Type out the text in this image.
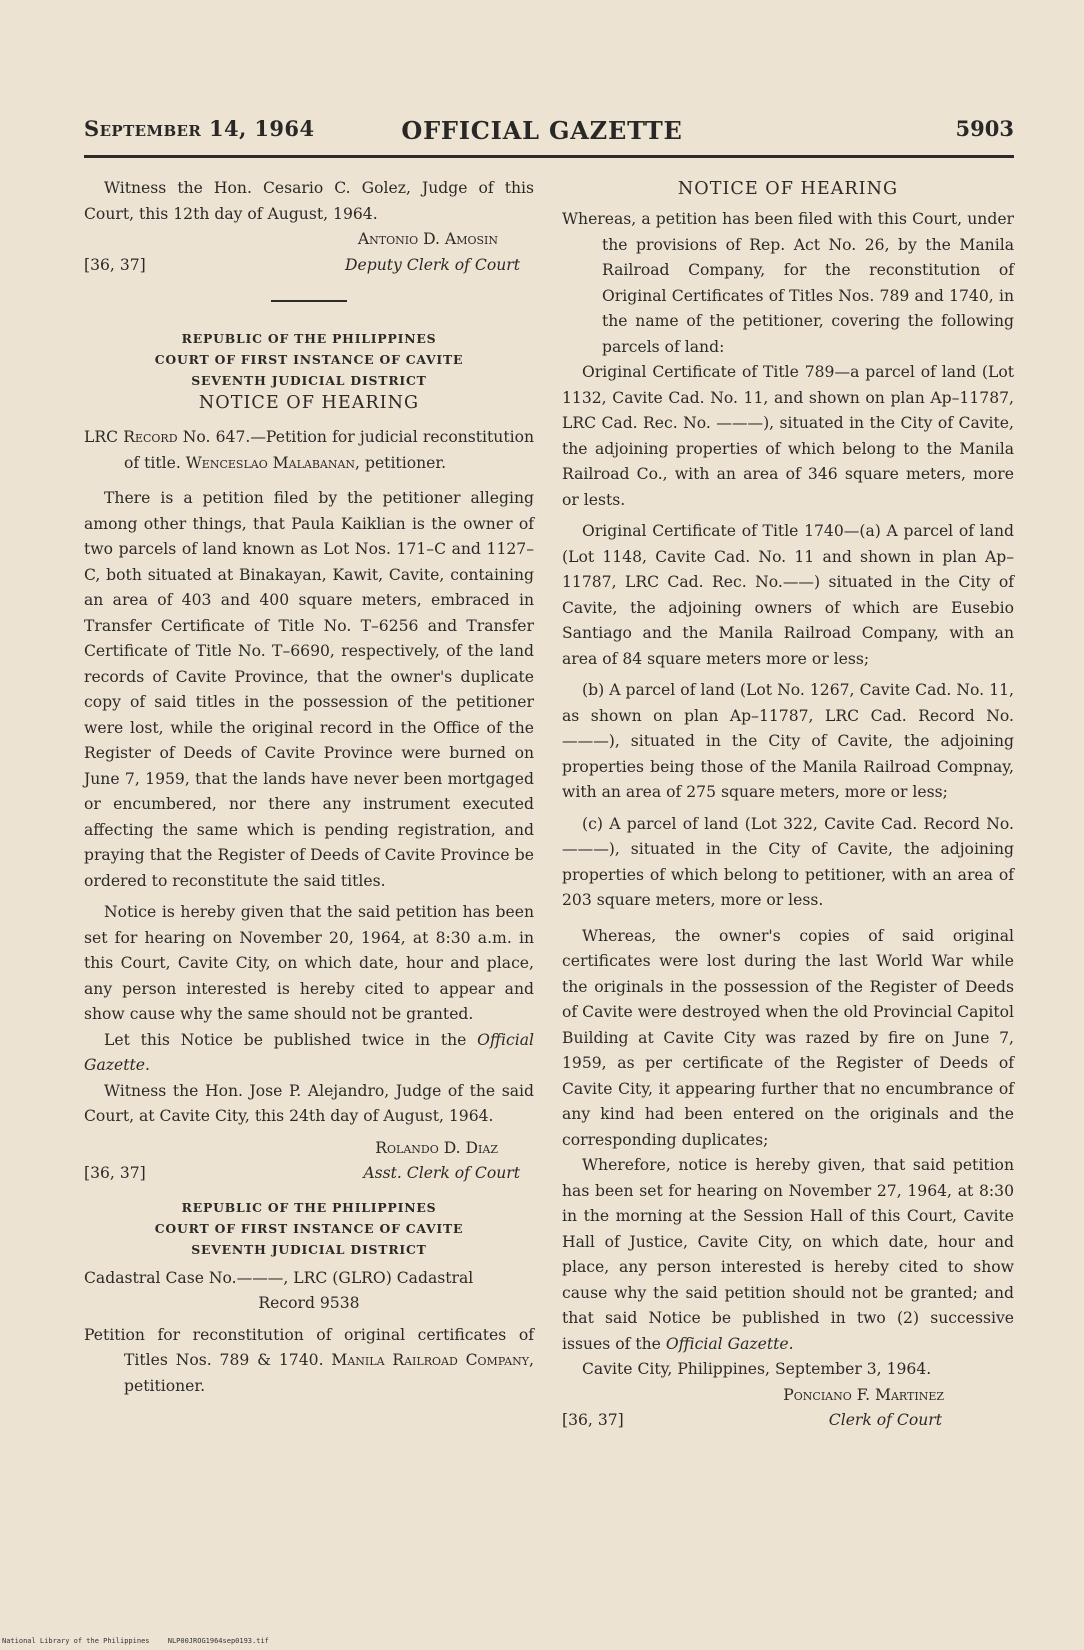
September 14, 1964	OFFICIAL GAZETTE	5903

Witness the Hon. Cesario C. Golez, Judge of this Court, this 12th day of August, 1964.

Antonio D. Amosin

[36, 37]	Deputy Clerk of Court
REPUBLIC OF THE PHILIPPINES
COURT OF FIRST INSTANCE OF CAVITE
SEVENTH JUDICIAL DISTRICT
NOTICE OF HEARING

LRC Record No. 647.—Petition for judicial reconstitution of title. Wenceslao Malabanan, petitioner.

There is a petition filed by the petitioner alleging among other things, that Paula Kaiklian is the owner of two parcels of land known as Lot Nos. 171–C and 1127–C, both situated at Binakayan, Kawit, Cavite, containing an area of 403 and 400 square meters, embraced in Transfer Certificate of Title No. T–6256 and Transfer Certificate of Title No. T–6690, respectively, of the land records of Cavite Province, that the owner's duplicate copy of said titles in the possession of the petitioner were lost, while the original record in the Office of the Register of Deeds of Cavite Province were burned on June 7, 1959, that the lands have never been mortgaged or encumbered, nor there any instrument executed affecting the same which is pending registration, and praying that the Register of Deeds of Cavite Province be ordered to reconstitute the said titles.

Notice is hereby given that the said petition has been set for hearing on November 20, 1964, at 8:30 a.m. in this Court, Cavite City, on which date, hour and place, any person interested is hereby cited to appear and show cause why the same should not be granted.

Let this Notice be published twice in the Official Gazette.

Witness the Hon. Jose P. Alejandro, Judge of the said Court, at Cavite City, this 24th day of August, 1964.

Rolando D. Diaz

[36, 37]	Asst. Clerk of Court
REPUBLIC OF THE PHILIPPINES
COURT OF FIRST INSTANCE OF CAVITE
SEVENTH JUDICIAL DISTRICT

Cadastral Case No.———, LRC (GLRO) Cadastral

Record 9538

Petition for reconstitution of original certificates of Titles Nos. 789 & 1740. Manila Railroad Company, petitioner.

NOTICE OF HEARING

Whereas, a petition has been filed with this Court, under the provisions of Rep. Act No. 26, by the Manila Railroad Company, for the reconstitution of Original Certificates of Titles Nos. 789 and 1740, in the name of the petitioner, covering the following parcels of land:

Original Certificate of Title 789—a parcel of land (Lot 1132, Cavite Cad. No. 11, and shown on plan Ap–11787, LRC Cad. Rec. No. ———), situated in the City of Cavite, the adjoining properties of which belong to the Manila Railroad Co., with an area of 346 square meters, more or lests.

Original Certificate of Title 1740—(a) A parcel of land (Lot 1148, Cavite Cad. No. 11 and shown in plan Ap–11787, LRC Cad. Rec. No.——) situated in the City of Cavite, the adjoining owners of which are Eusebio Santiago and the Manila Railroad Company, with an area of 84 square meters more or less;

(b) A parcel of land (Lot No. 1267, Cavite Cad. No. 11, as shown on plan Ap–11787, LRC Cad. Record No. ———), situated in the City of Cavite, the adjoining properties being those of the Manila Railroad Compnay, with an area of 275 square meters, more or less;

(c) A parcel of land (Lot 322, Cavite Cad. Record No.———), situated in the City of Cavite, the adjoining properties of which belong to petitioner, with an area of 203 square meters, more or less.

Whereas, the owner's copies of said original certificates were lost during the last World War while the originals in the possession of the Register of Deeds of Cavite were destroyed when the old Provincial Capitol Building at Cavite City was razed by fire on June 7, 1959, as per certificate of the Register of Deeds of Cavite City, it appearing further that no encumbrance of any kind had been entered on the originals and the corresponding duplicates;

Wherefore, notice is hereby given, that said petition has been set for hearing on November 27, 1964, at 8:30 in the morning at the Session Hall of this Court, Cavite Hall of Justice, Cavite City, on which date, hour and place, any person interested is hereby cited to show cause why the said petition should not be granted; and that said Notice be published in two (2) successive issues of the Official Gazette.

Cavite City, Philippines, September 3, 1964.

Ponciano F. Martinez

[36, 37]	Clerk of Court
National Library of the Philippines	NLP00JROG1964sep0193.tif
